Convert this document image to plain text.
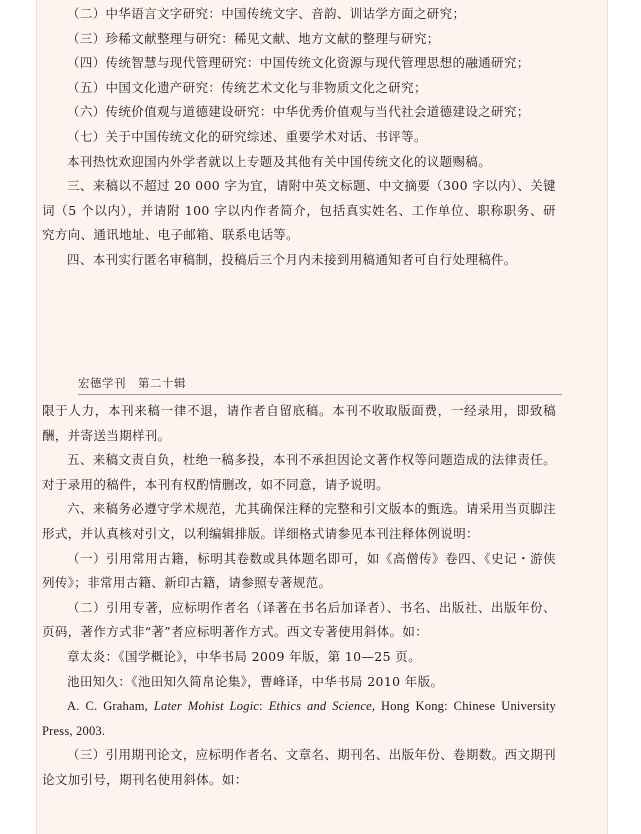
（二）中华语言文字研究：中国传统文字、音韵、训诂学方面之研究；

（三）珍稀文献整理与研究：稀见文献、地方文献的整理与研究；

（四）传统智慧与现代管理研究：中国传统文化资源与现代管理思想的融通研究；

（五）中国文化遗产研究：传统艺术文化与非物质文化之研究；

（六）传统价值观与道德建设研究：中华优秀价值观与当代社会道德建设之研究；

（七）关于中国传统文化的研究综述、重要学术对话、书评等。

本刊热忱欢迎国内外学者就以上专题及其他有关中国传统文化的议题赐稿。

三、来稿以不超过 20 000 字为宜，请附中英文标题、中文摘要（300 字以内）、关键词（5 个以内），并请附 100 字以内作者简介，包括真实姓名、工作单位、职称职务、研究方向、通讯地址、电子邮箱、联系电话等。

四、本刊实行匿名审稿制，投稿后三个月内未接到用稿通知者可自行处理稿件。

宏德学刊　第二十辑

限于人力，本刊来稿一律不退，请作者自留底稿。本刊不收取版面费，一经录用，即致稿酬，并寄送当期样刊。

五、来稿文责自负，杜绝一稿多投，本刊不承担因论文著作权等问题造成的法律责任。对于录用的稿件，本刊有权酌情删改，如不同意，请予说明。

六、来稿务必遵守学术规范，尤其确保注释的完整和引文版本的甄选。请采用当页脚注形式，并认真核对引文，以利编辑排版。详细格式请参见本刊注释体例说明：

（一）引用常用古籍，标明其卷数或具体题名即可，如《高僧传》卷四、《史记・游侠列传》；非常用古籍、新印古籍，请参照专著规范。

（二）引用专著，应标明作者名（译著在书名后加译者）、书名、出版社、出版年份、页码，著作方式非“著”者应标明著作方式。西文专著使用斜体。如：

章太炎：《国学概论》，中华书局 2009 年版，第 10—25 页。

池田知久：《池田知久简帛论集》，曹峰译，中华书局 2010 年版。

A. C. Graham, Later Mohist Logic: Ethics and Science, Hong Kong: Chinese University Press, 2003.

（三）引用期刊论文，应标明作者名、文章名、期刊名、出版年份、卷期数。西文期刊论文加引号，期刊名使用斜体。如：
